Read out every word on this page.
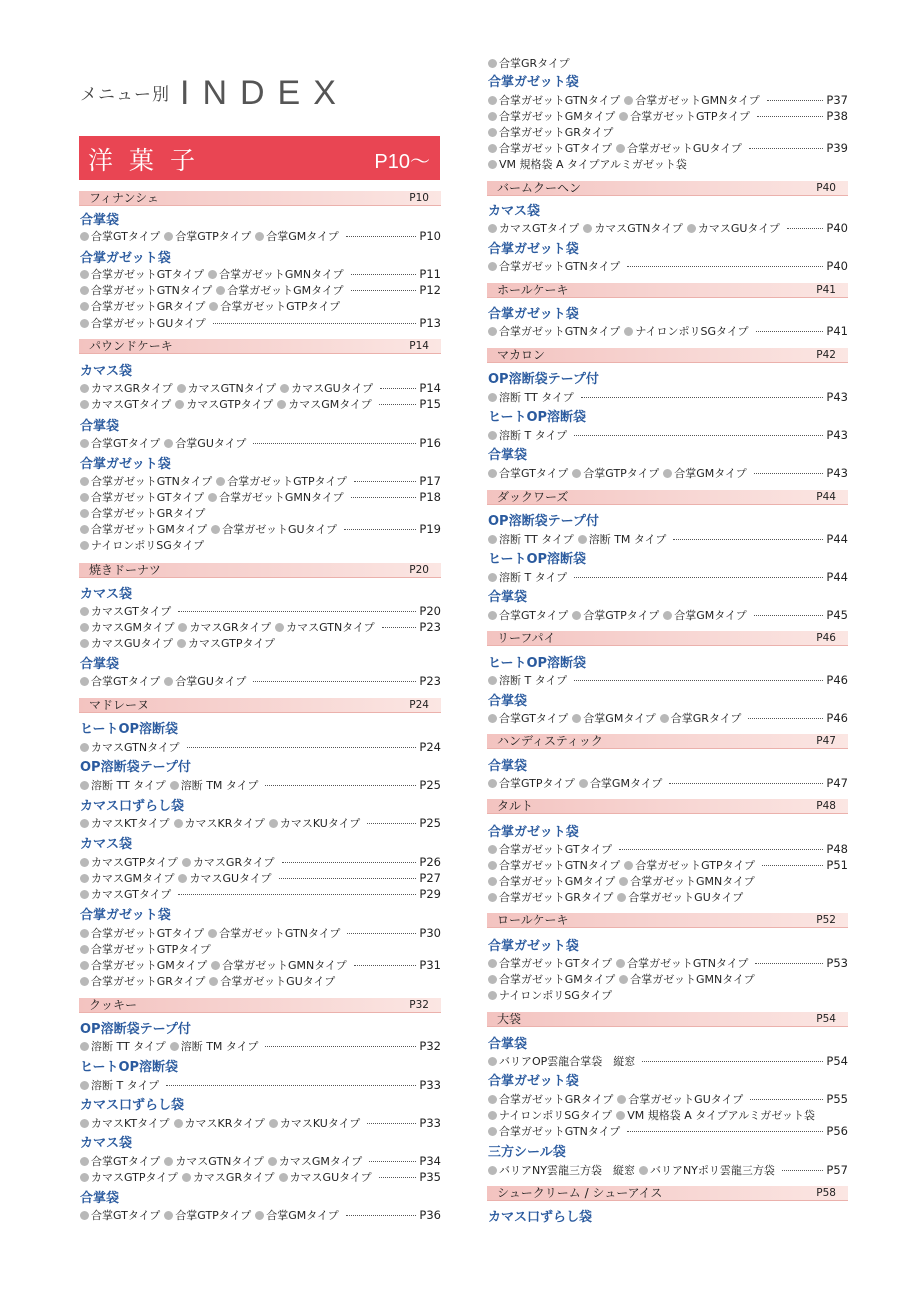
メニュー別 INDEX
洋菓子	P10～
フィナンシェ	P10
合掌袋
合掌GTタイプ 合掌GTPタイプ 合掌GMタイプ	P10
合掌ガゼット袋
合掌ガゼットGTタイプ 合掌ガゼットGMNタイプ	P11
合掌ガゼットGTNタイプ 合掌ガゼットGMタイプ	P12
合掌ガゼットGRタイプ 合掌ガゼットGTPタイプ
合掌ガゼットGUタイプ	P13
パウンドケーキ	P14
カマス袋
カマスGRタイプ カマスGTNタイプ カマスGUタイプ	P14
カマスGTタイプ カマスGTPタイプ カマスGMタイプ	P15
合掌袋
合掌GTタイプ 合掌GUタイプ	P16
合掌ガゼット袋
合掌ガゼットGTNタイプ 合掌ガゼットGTPタイプ	P17
合掌ガゼットGTタイプ 合掌ガゼットGMNタイプ	P18
合掌ガゼットGRタイプ
合掌ガゼットGMタイプ 合掌ガゼットGUタイプ	P19
ナイロンポリSGタイプ
焼きドーナツ	P20
カマス袋
カマスGTタイプ	P20
カマスGMタイプ カマスGRタイプ カマスGTNタイプ	P23
カマスGUタイプ カマスGTPタイプ
合掌袋
合掌GTタイプ 合掌GUタイプ	P23
マドレーヌ	P24
ヒートOP溶断袋
カマスGTNタイプ	P24
OP溶断袋テープ付
溶断 TT タイプ 溶断 TM タイプ	P25
カマス口ずらし袋
カマスKTタイプ カマスKRタイプ カマスKUタイプ	P25
カマス袋
カマスGTPタイプ カマスGRタイプ	P26
カマスGMタイプ カマスGUタイプ	P27
カマスGTタイプ	P29
合掌ガゼット袋
合掌ガゼットGTタイプ 合掌ガゼットGTNタイプ	P30
合掌ガゼットGTPタイプ
合掌ガゼットGMタイプ 合掌ガゼットGMNタイプ	P31
合掌ガゼットGRタイプ 合掌ガゼットGUタイプ
クッキー	P32
OP溶断袋テープ付
溶断 TT タイプ 溶断 TM タイプ	P32
ヒートOP溶断袋
溶断 T タイプ	P33
カマス口ずらし袋
カマスKTタイプ カマスKRタイプ カマスKUタイプ	P33
カマス袋
合掌GTタイプ カマスGTNタイプ カマスGMタイプ	P34
カマスGTPタイプ カマスGRタイプ カマスGUタイプ	P35
合掌袋
合掌GTタイプ 合掌GTPタイプ 合掌GMタイプ	P36
合掌GRタイプ
合掌ガゼット袋
合掌ガゼットGTNタイプ 合掌ガゼットGMNタイプ	P37
合掌ガゼットGMタイプ 合掌ガゼットGTPタイプ	P38
合掌ガゼットGRタイプ
合掌ガゼットGTタイプ 合掌ガゼットGUタイプ	P39
VM 規格袋 A タイプアルミガゼット袋
バームクーヘン	P40
カマス袋
カマスGTタイプ カマスGTNタイプ カマスGUタイプ	P40
合掌ガゼット袋
合掌ガゼットGTNタイプ	P40
ホールケーキ	P41
合掌ガゼット袋
合掌ガゼットGTNタイプ ナイロンポリSGタイプ	P41
マカロン	P42
OP溶断袋テープ付
溶断 TT タイプ	P43
ヒートOP溶断袋
溶断 T タイプ	P43
合掌袋
合掌GTタイプ 合掌GTPタイプ 合掌GMタイプ	P43
ダックワーズ	P44
OP溶断袋テープ付
溶断 TT タイプ 溶断 TM タイプ	P44
ヒートOP溶断袋
溶断 T タイプ	P44
合掌袋
合掌GTタイプ 合掌GTPタイプ 合掌GMタイプ	P45
リーフパイ	P46
ヒートOP溶断袋
溶断 T タイプ	P46
合掌袋
合掌GTタイプ 合掌GMタイプ 合掌GRタイプ	P46
ハンディスティック	P47
合掌袋
合掌GTPタイプ 合掌GMタイプ	P47
タルト	P48
合掌ガゼット袋
合掌ガゼットGTタイプ	P48
合掌ガゼットGTNタイプ 合掌ガゼットGTPタイプ	P51
合掌ガゼットGMタイプ 合掌ガゼットGMNタイプ
合掌ガゼットGRタイプ 合掌ガゼットGUタイプ
ロールケーキ	P52
合掌ガゼット袋
合掌ガゼットGTタイプ 合掌ガゼットGTNタイプ	P53
合掌ガゼットGMタイプ 合掌ガゼットGMNタイプ
ナイロンポリSGタイプ
大袋	P54
合掌袋
バリアOP雲龍合掌袋　縦窓	P54
合掌ガゼット袋
合掌ガゼットGRタイプ 合掌ガゼットGUタイプ	P55
ナイロンポリSGタイプ VM 規格袋 A タイプアルミガゼット袋
合掌ガゼットGTNタイプ	P56
三方シール袋
バリアNY雲龍三方袋　縦窓 バリアNYポリ雲龍三方袋	P57
シュークリーム / シューアイス	P58
カマス口ずらし袋
